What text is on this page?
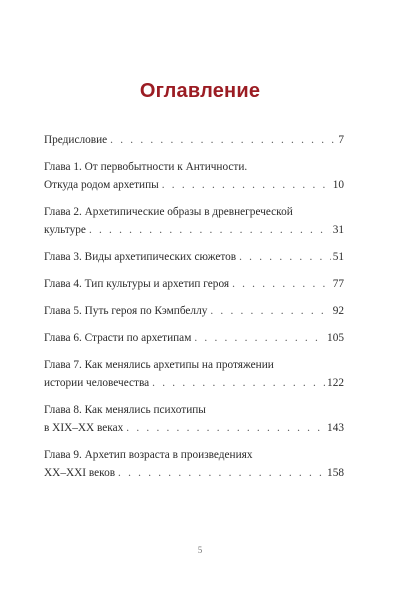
Оглавление
Предисловие . . .	7
Глава 1. От первобытности к Античности.
Откуда родом архетипы . . .	10
Глава 2. Архетипические образы в древнегреческой
культуре . . .	31
Глава 3. Виды архетипических сюжетов . . .	51
Глава 4. Тип культуры и архетип героя . . .	77
Глава 5. Путь героя по Кэмпбеллу . . .	92
Глава 6. Страсти по архетипам . . .	105
Глава 7. Как менялись архетипы на протяжении
истории человечества . . .	122
Глава 8. Как менялись психотипы
в XIX–XX веках . . .	143
Глава 9. Архетип возраста в произведениях
XX–XXI веков . . .	158
5
